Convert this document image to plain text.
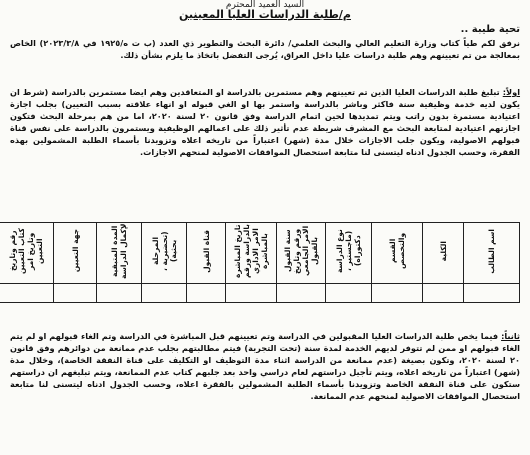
السيد العميد المحترم
م/طلبة الدراسات العليا المعينين
تحية طيبة ..
نرفق لكم طياً كتاب وزارة التعليم العالي والبحث العلمي/ دائرة البحث والتطوير ذي العدد (ب ت ه/١٩٢٥ في ٢٠٢٣/٣/٨) الخاص بمعالجة من تم تعيينهم وهم طلبة دراسات عليا داخل العراق، يُرجى التفضل باتخاذ ما يلزم بشأن ذلك.
اولاً: تبليغ طلبة الدراسات العليا الذين تم تعيينهم وهم مستمرين بالدراسة او المتعاقدين وهم ايضا مستمرين بالدراسة (شرط ان يكون لديه خدمة وظيفية سنة فاكثر وباشر بالدراسة واستمر بها او الغي قبوله او انهاء علاقته بسبب التعيين) بجلب اجازة اعتيادية مستمرة بدون راتب ويتم تمديدها لحين اتمام الدراسة وفق قانون ٢٠ لسنة ٢٠٢٠، اما من هم بمرحلة البحث فتكون اجازتهم اعتيادية لمتابعة البحث مع المشرف شريطة عدم تأثير ذلك على اعمالهم الوظيفية ويستمرون بالدراسة على نفس قناة قبولهم الاصولية، ويكون جلب الاجازات خلال مدة (شهر) اعتباراً من تاريخه اعلاه وتزويدنا بأسماء الطلبة المشمولين بهذه الفقرة، وحسب الجدول ادناه ليتسنى لنا متابعة استحصال الموافقات الاصولية لمنحهم الاجازات.
اسم الطالب	الكلية	القسم والتخصص	نوع الدراسة (ماجستير ، دكتوراه)	سنة القبول ورقم وتاريخ الامر الجامعي بالقبول	تاريخ المباشرة بالدراسة ورقم الامر الاداري بالمباشرة	قناة القبول	المرحلة (تحضيرية ، بحثية)	المدة المتبقية لإكمال الدراسة	جهة التعيين	رقم وتاريخ كتاب التعيين وتاريخ امر التعيين

ثانياً: فيما يخص طلبة الدراسات العليا المقبولين في الدراسة وتم تعيينهم قبل المباشرة في الدراسة وتم الغاء قبولهم او لم يتم الغاء قبولهم او ممن لم تتوفر لديهم الخدمة لمدة سنة (تحت التجربة) فيتم مطالبتهم بجلب عدم ممانعة من دوائرهم وفق قانون ٢٠ لسنة ٢٠٢٠، وتكون بصيغة (عدم ممانعة من الدراسة اثناء مدة التوظيف او التكليف على قناة النفقة الخاصة)، وخلال مدة (شهر) اعتباراً من تاريخه اعلاه، ويتم تأجيل دراستهم لعام دراسي واحد بعد جلبهم كتاب عدم الممانعة، ويتم تبليغهم ان دراستهم ستكون على قناة النفقة الخاصة وتزويدنا بأسماء الطلبة المشمولين بالفقرة اعلاه، وحسب الجدول ادناه ليتسنى لنا متابعة استحصال الموافقات الاصولية لمنحهم عدم الممانعة.
